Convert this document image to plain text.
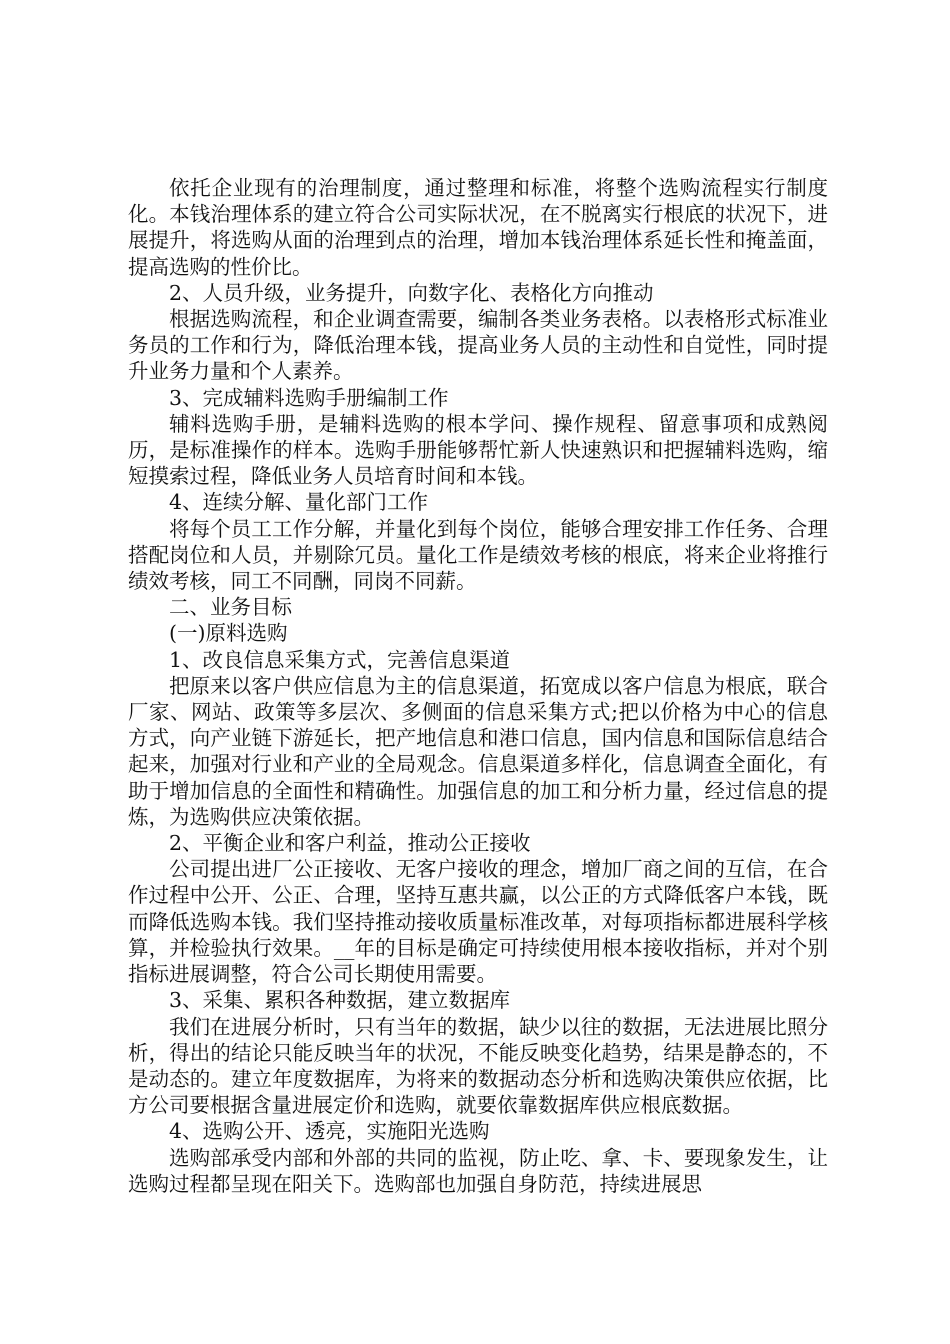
依托企业现有的治理制度，通过整理和标准，将整个选购流程实行制度化。本钱治理体系的建立符合公司实际状况，在不脱离实行根底的状况下，进展提升，将选购从面的治理到点的治理，增加本钱治理体系延长性和掩盖面，提高选购的性价比。

2、人员升级，业务提升，向数字化、表格化方向推动

根据选购流程，和企业调查需要，编制各类业务表格。以表格形式标准业务员的工作和行为，降低治理本钱，提高业务人员的主动性和自觉性，同时提升业务力量和个人素养。

3、完成辅料选购手册编制工作

辅料选购手册，是辅料选购的根本学问、操作规程、留意事项和成熟阅历，是标准操作的样本。选购手册能够帮忙新人快速熟识和把握辅料选购，缩短摸索过程，降低业务人员培育时间和本钱。

4、连续分解、量化部门工作

将每个员工工作分解，并量化到每个岗位，能够合理安排工作任务、合理搭配岗位和人员，并剔除冗员。量化工作是绩效考核的根底，将来企业将推行绩效考核，同工不同酬，同岗不同薪。

二、业务目标

(一)原料选购

1、改良信息采集方式，完善信息渠道

把原来以客户供应信息为主的信息渠道，拓宽成以客户信息为根底，联合厂家、网站、政策等多层次、多侧面的信息采集方式;把以价格为中心的信息方式，向产业链下游延长，把产地信息和港口信息，国内信息和国际信息结合起来，加强对行业和产业的全局观念。信息渠道多样化，信息调查全面化，有助于增加信息的全面性和精确性。加强信息的加工和分析力量，经过信息的提炼，为选购供应决策依据。

2、平衡企业和客户利益，推动公正接收

公司提出进厂公正接收、无客户接收的理念，增加厂商之间的互信，在合作过程中公开、公正、合理，坚持互惠共赢，以公正的方式降低客户本钱，既而降低选购本钱。我们坚持推动接收质量标准改革，对每项指标都进展科学核算，并检验执行效果。__年的目标是确定可持续使用根本接收指标，并对个别指标进展调整，符合公司长期使用需要。

3、采集、累积各种数据，建立数据库

我们在进展分析时，只有当年的数据，缺少以往的数据，无法进展比照分析，得出的结论只能反映当年的状况，不能反映变化趋势，结果是静态的，不是动态的。建立年度数据库，为将来的数据动态分析和选购决策供应依据，比方公司要根据含量进展定价和选购，就要依靠数据库供应根底数据。

4、选购公开、透亮，实施阳光选购

选购部承受内部和外部的共同的监视，防止吃、拿、卡、要现象发生，让选购过程都呈现在阳关下。选购部也加强自身防范，持续进展思
